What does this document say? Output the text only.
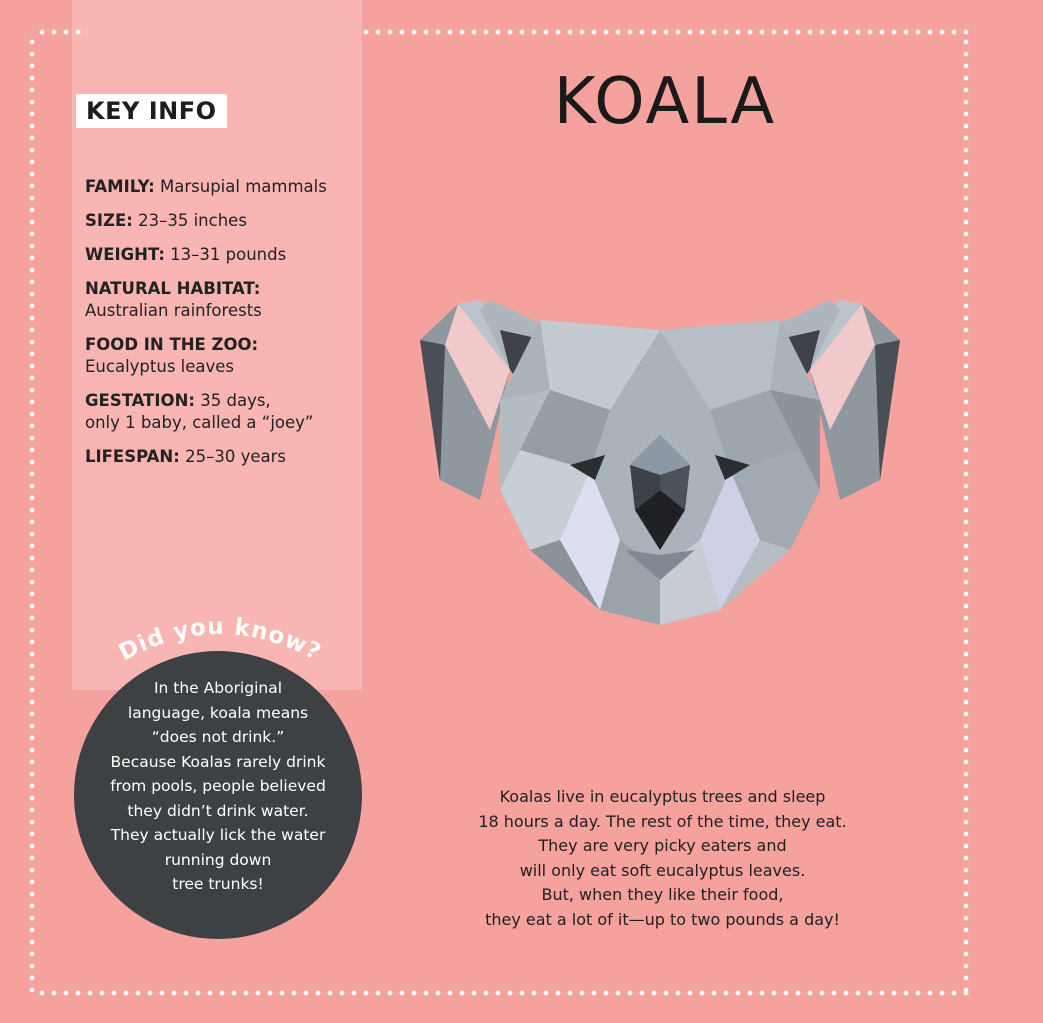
KEY INFO
FAMILY: Marsupial mammals
SIZE: 23–35 inches
WEIGHT: 13–31 pounds
NATURAL HABITAT:
Australian rainforests
FOOD IN THE ZOO:
Eucalyptus leaves
GESTATION: 35 days,
only 1 baby, called a “joey”
LIFESPAN: 25–30 years
KOALA
Did you know?
In the Aboriginal
language, koala means
“does not drink.”
Because Koalas rarely drink
from pools, people believed
they didn’t drink water.
They actually lick the water
running down
tree trunks!
Koalas live in eucalyptus trees and sleep
18 hours a day. The rest of the time, they eat.
They are very picky eaters and
will only eat soft eucalyptus leaves.
But, when they like their food,
they eat a lot of it—up to two pounds a day!
